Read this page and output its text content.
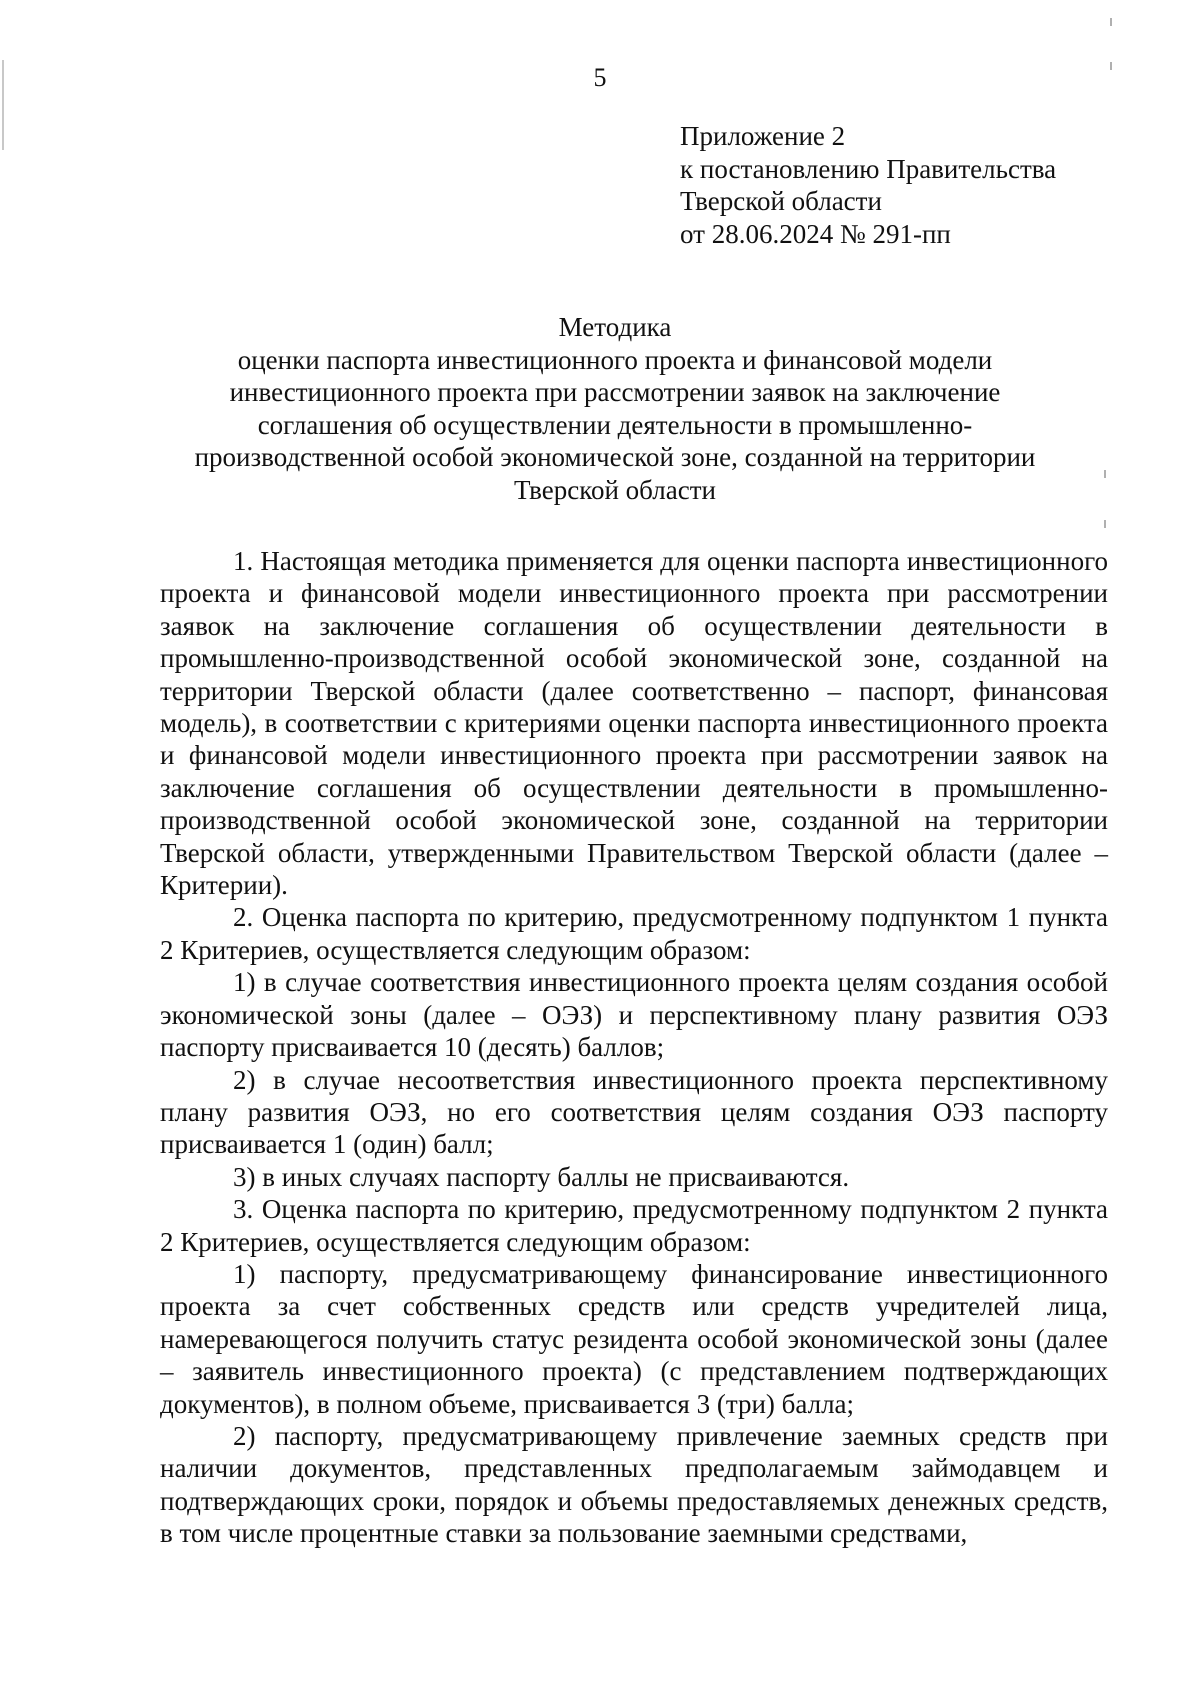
5
Приложение 2
к постановлению Правительства
Тверской области
от 28.06.2024 № 291-пп
Методика
оценки паспорта инвестиционного проекта и финансовой модели
инвестиционного проекта при рассмотрении заявок на заключение
соглашения об осуществлении деятельности в промышленно-
производственной особой экономической зоне, созданной на территории
Тверской области

1. Настоящая методика применяется для оценки паспорта инвестиционного проекта и финансовой модели инвестиционного проекта при рассмотрении заявок на заключение соглашения об осуществлении деятельности в промышленно-производственной особой экономической зоне, созданной на территории Тверской области (далее соответственно – паспорт, финансовая модель), в соответствии с критериями оценки паспорта инвестиционного проекта и финансовой модели инвестиционного проекта при рассмотрении заявок на заключение соглашения об осуществлении деятельности в промышленно-производственной особой экономической зоне, созданной на территории Тверской области, утвержденными Правительством Тверской области (далее – Критерии).

2. Оценка паспорта по критерию, предусмотренному подпунктом 1 пункта 2 Критериев, осуществляется следующим образом:

1) в случае соответствия инвестиционного проекта целям создания особой экономической зоны (далее – ОЭЗ) и перспективному плану развития ОЭЗ паспорту присваивается 10 (десять) баллов;

2) в случае несоответствия инвестиционного проекта перспективному плану развития ОЭЗ, но его соответствия целям создания ОЭЗ паспорту присваивается 1 (один) балл;

3) в иных случаях паспорту баллы не присваиваются.

3. Оценка паспорта по критерию, предусмотренному подпунктом 2 пункта 2 Критериев, осуществляется следующим образом:

1) паспорту, предусматривающему финансирование инвестиционного проекта за счет собственных средств или средств учредителей лица, намеревающегося получить статус резидента особой экономической зоны (далее – заявитель инвестиционного проекта) (с представлением подтверждающих документов), в полном объеме, присваивается 3 (три) балла;

2) паспорту, предусматривающему привлечение заемных средств при наличии документов, представленных предполагаемым займодавцем и подтверждающих сроки, порядок и объемы предоставляемых денежных средств, в том числе процентные ставки за пользование заемными средствами,
